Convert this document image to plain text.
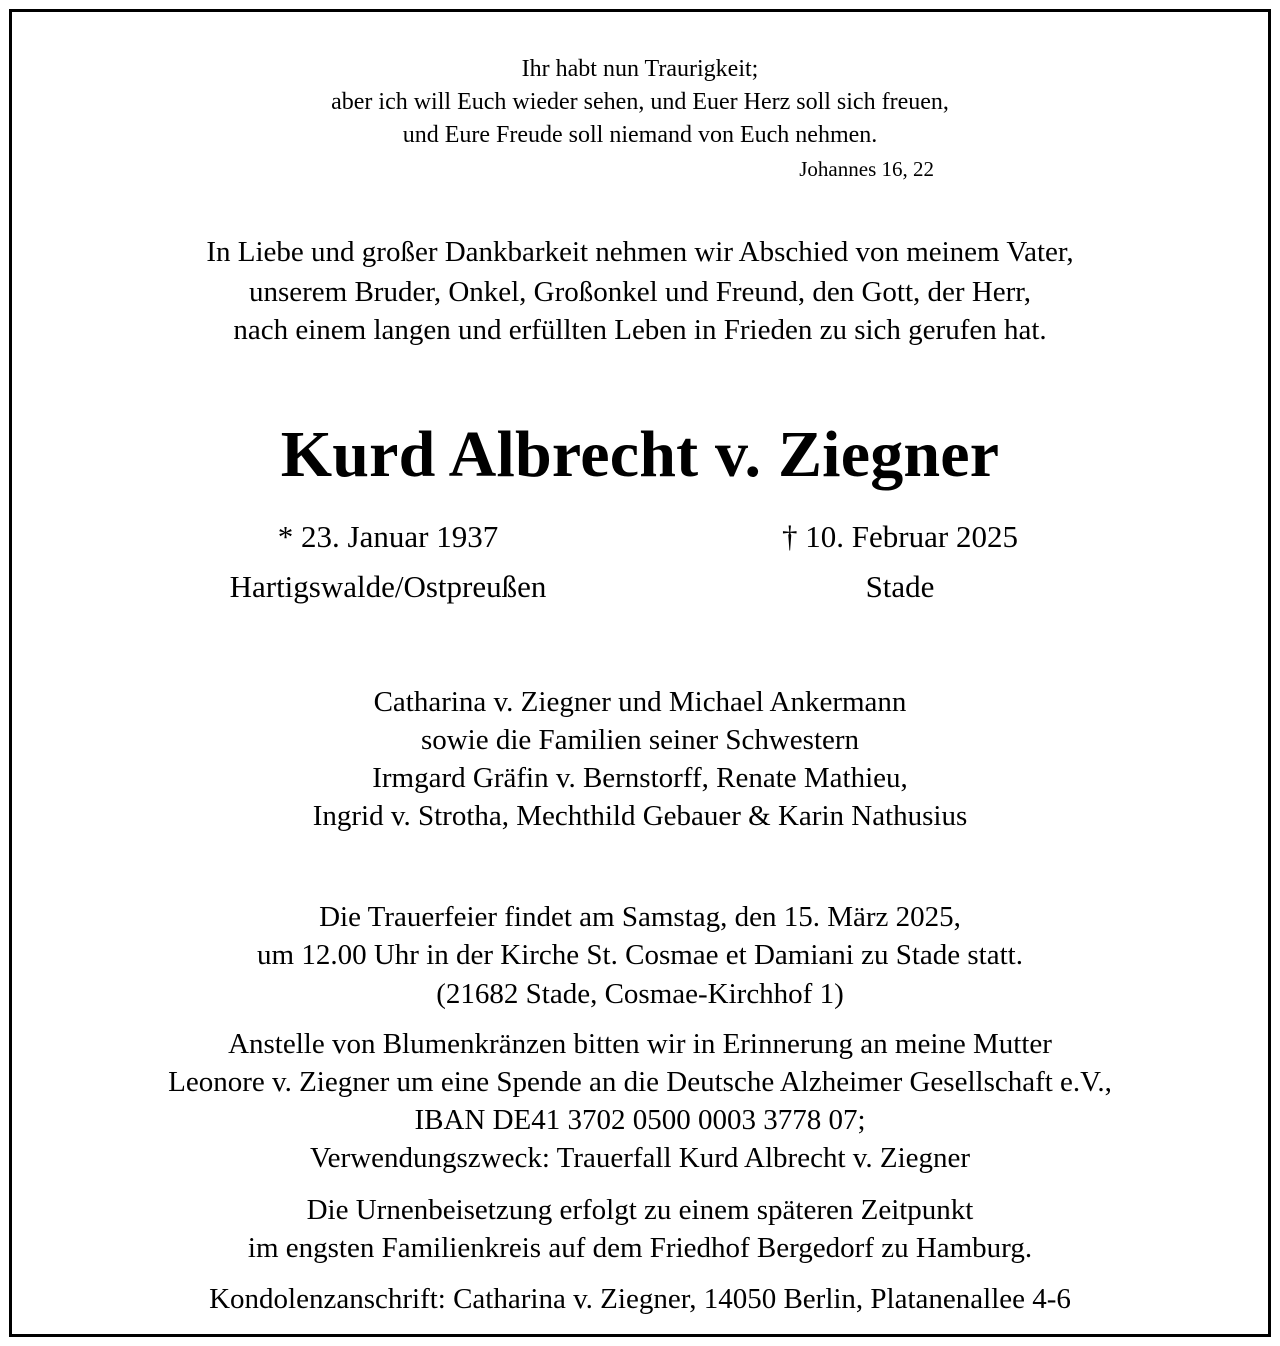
Ihr habt nun Traurigkeit;
aber ich will Euch wieder sehen, und Euer Herz soll sich freuen,
und Eure Freude soll niemand von Euch nehmen.
Johannes 16, 22
In Liebe und großer Dankbarkeit nehmen wir Abschied von meinem Vater,
unserem Bruder, Onkel, Großonkel und Freund, den Gott, der Herr,
nach einem langen und erfüllten Leben in Frieden zu sich gerufen hat.
Kurd Albrecht v. Ziegner
* 23. Januar 1937
Hartigswalde/Ostpreußen
† 10. Februar 2025
Stade
Catharina v. Ziegner und Michael Ankermann
sowie die Familien seiner Schwestern
Irmgard Gräfin v. Bernstorff, Renate Mathieu,
Ingrid v. Strotha, Mechthild Gebauer & Karin Nathusius
Die Trauerfeier findet am Samstag, den 15. März 2025,
um 12.00 Uhr in der Kirche St. Cosmae et Damiani zu Stade statt.
(21682 Stade, Cosmae-Kirchhof 1)
Anstelle von Blumenkränzen bitten wir in Erinnerung an meine Mutter
Leonore v. Ziegner um eine Spende an die Deutsche Alzheimer Gesellschaft e.V.,
IBAN DE41 3702 0500 0003 3778 07;
Verwendungszweck: Trauerfall Kurd Albrecht v. Ziegner
Die Urnenbeisetzung erfolgt zu einem späteren Zeitpunkt
im engsten Familienkreis auf dem Friedhof Bergedorf zu Hamburg.
Kondolenzanschrift: Catharina v. Ziegner, 14050 Berlin, Platanenallee 4-6
